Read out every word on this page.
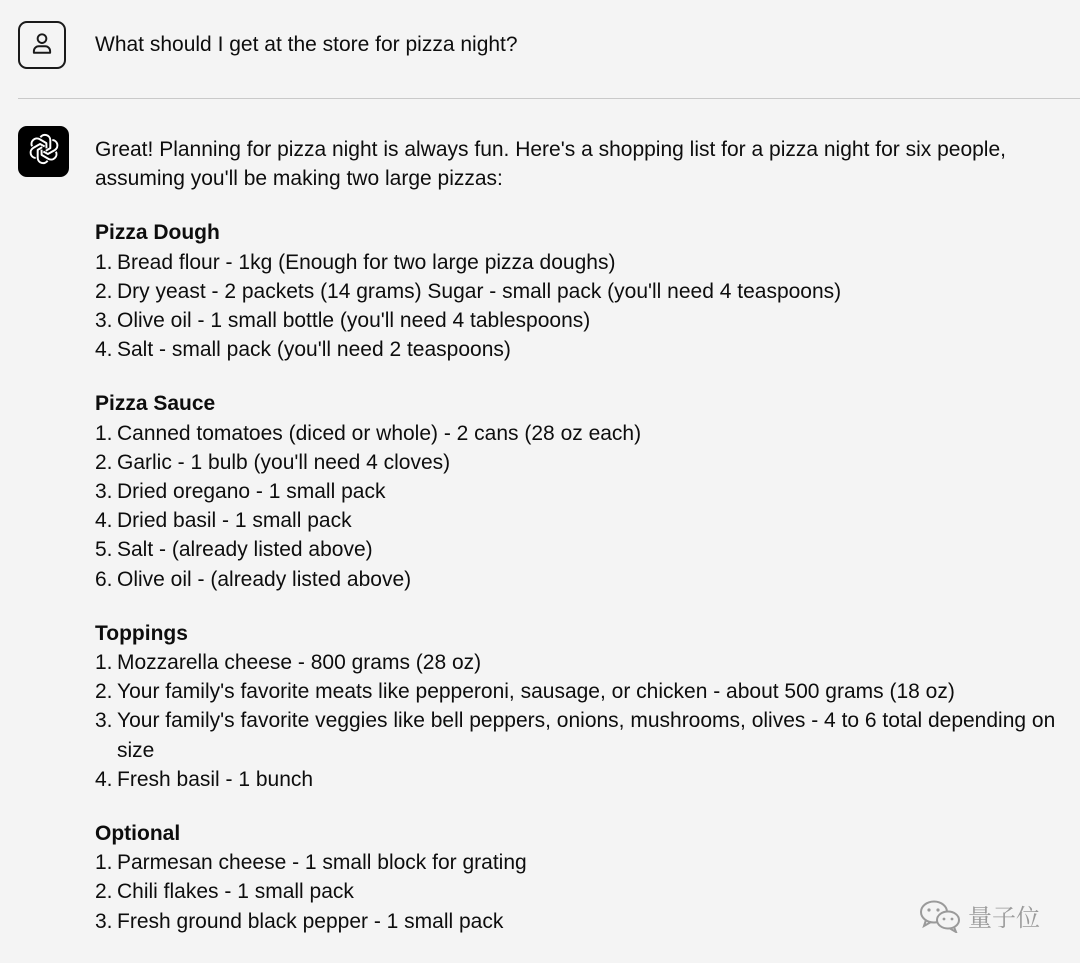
What should I get at the store for pizza night?

Great! Planning for pizza night is always fun. Here's a shopping list for a pizza night for six people, assuming you'll be making two large pizzas:

Pizza Dough
1. Bread flour - 1kg (Enough for two large pizza doughs)
2. Dry yeast - 2 packets (14 grams) Sugar - small pack (you'll need 4 teaspoons)
3. Olive oil - 1 small bottle (you'll need 4 tablespoons)
4. Salt - small pack (you'll need 2 teaspoons)
Pizza Sauce
1. Canned tomatoes (diced or whole) - 2 cans (28 oz each)
2. Garlic - 1 bulb (you'll need 4 cloves)
3. Dried oregano - 1 small pack
4. Dried basil - 1 small pack
5. Salt - (already listed above)
6. Olive oil - (already listed above)
Toppings
1. Mozzarella cheese - 800 grams (28 oz)
2. Your family's favorite meats like pepperoni, sausage, or chicken - about 500 grams (18 oz)
3. Your family's favorite veggies like bell peppers, onions, mushrooms, olives - 4 to 6 total depending on size
4. Fresh basil - 1 bunch
Optional
1. Parmesan cheese - 1 small block for grating
2. Chili flakes - 1 small pack
3. Fresh ground black pepper - 1 small pack	量子位
